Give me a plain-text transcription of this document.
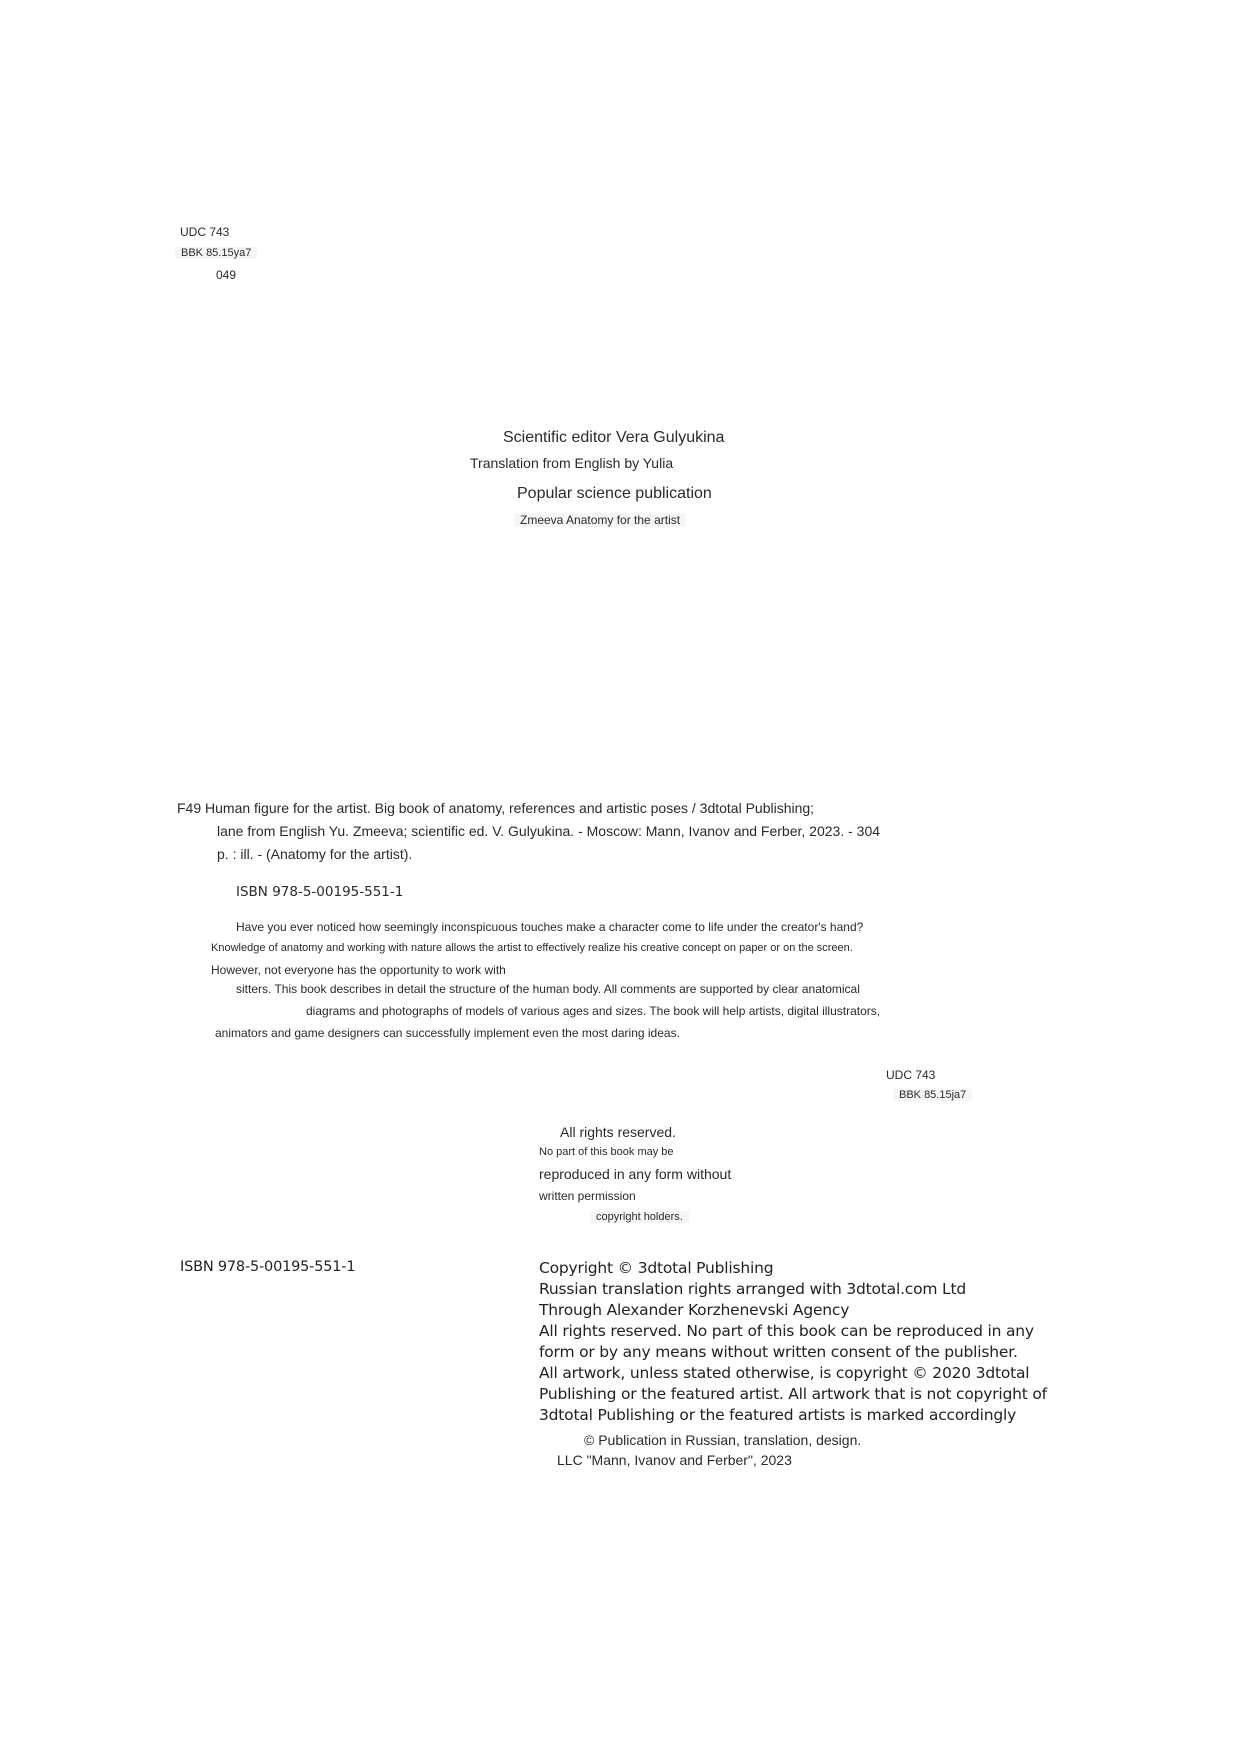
UDC 743
BBK 85.15ya7
049
Scientific editor Vera Gulyukina
Translation from English by Yulia
Popular science publication
Zmeeva Anatomy for the artist
F49 Human figure for the artist. Big book of anatomy, references and artistic poses / 3dtotal Publishing;
lane from English Yu. Zmeeva; scientific ed. V. Gulyukina. - Moscow: Mann, Ivanov and Ferber, 2023. - 304
p. : ill. - (Anatomy for the artist).
ISBN 978-5-00195-551-1
Have you ever noticed how seemingly inconspicuous touches make a character come to life under the creator's hand?
Knowledge of anatomy and working with nature allows the artist to effectively realize his creative concept on paper or on the screen.
However, not everyone has the opportunity to work with
sitters. This book describes in detail the structure of the human body. All comments are supported by clear anatomical
diagrams and photographs of models of various ages and sizes. The book will help artists, digital illustrators,
animators and game designers can successfully implement even the most daring ideas.
UDC 743
BBK 85.15ja7
All rights reserved.
No part of this book may be
reproduced in any form without
written permission
copyright holders.
ISBN 978-5-00195-551-1	Copyright © 3dtotal Publishing
Russian translation rights arranged with 3dtotal.com Ltd
Through Alexander Korzhenevski Agency
All rights reserved. No part of this book can be reproduced in any
form or by any means without written consent of the publisher.
All artwork, unless stated otherwise, is copyright © 2020 3dtotal
Publishing or the featured artist. All artwork that is not copyright of
3dtotal Publishing or the featured artists is marked accordingly
© Publication in Russian, translation, design.
LLC "Mann, Ivanov and Ferber", 2023
